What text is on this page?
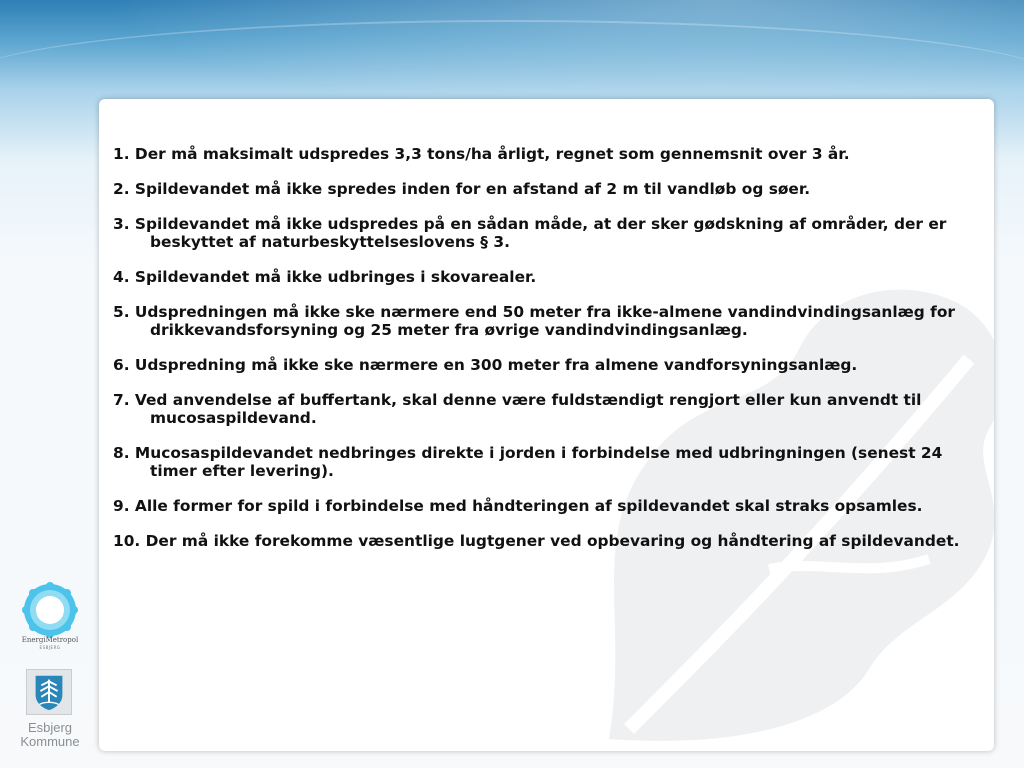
1. Der må maksimalt udspredes 3,3 tons/ha årligt, regnet som gennemsnit over 3 år.
2. Spildevandet må ikke spredes inden for en afstand af 2 m til vandløb og søer.
3. Spildevandet må ikke udspredes på en sådan måde, at der sker gødskning af områder, der er beskyttet af naturbeskyttelseslovens § 3.
4. Spildevandet må ikke udbringes i skovarealer.
5. Udspredningen må ikke ske nærmere end 50 meter fra ikke-almene vandindvindingsanlæg for drikkevandsforsyning og 25 meter fra øvrige vandindvindingsanlæg.
6. Udspredning må ikke ske nærmere en 300 meter fra almene vandforsyningsanlæg.
7. Ved anvendelse af buffertank, skal denne være fuldstændigt rengjort eller kun anvendt til mucosaspildevand.
8. Mucosaspildevandet nedbringes direkte i jorden i forbindelse med udbringningen (senest 24 timer efter levering).
9. Alle former for spild i forbindelse med håndteringen af spildevandet skal straks opsamles.
10. Der må ikke forekomme væsentlige lugtgener ved opbevaring og håndtering af spildevandet.
EnergiMetropol
ESBJERG
Esbjerg
Kommune
